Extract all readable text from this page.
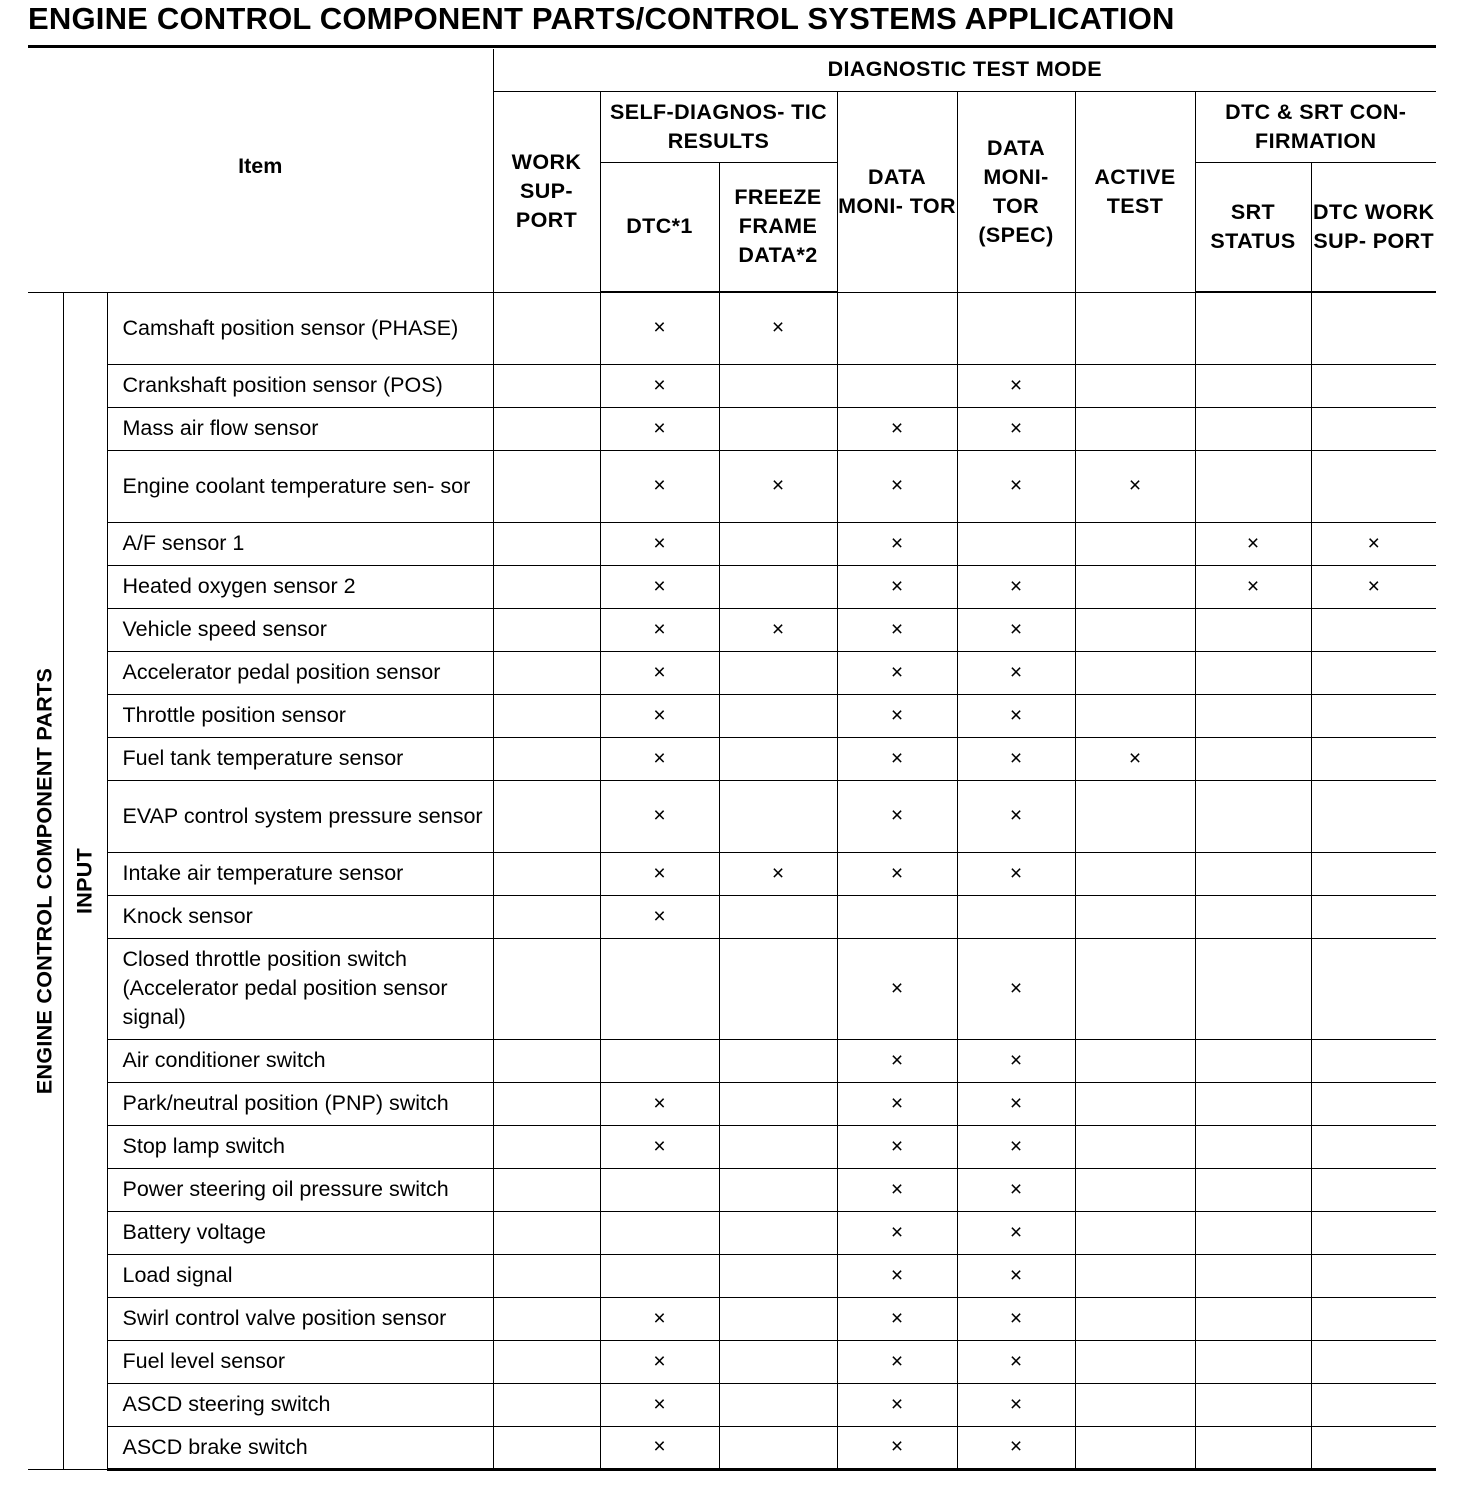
ENGINE CONTROL COMPONENT PARTS/CONTROL SYSTEMS APPLICATION
Item			DIAGNOSTIC TEST MODE							
			WORK SUP- PORT	SELF-DIAGNOS- TIC RESULTS		DATA MONI- TOR	DATA MONI- TOR (SPEC)	ACTIVE TEST	DTC & SRT CON- FIRMATION	
				DTC*1	FREEZE FRAME DATA*2				SRT STATUS	DTC WORK SUP- PORT

ENGINE CONTROL COMPONENT PARTS	INPUT	Camshaft position sensor (PHASE)		×	×					
		Crankshaft position sensor (POS)		×			×			
		Mass air flow sensor		×		×	×			
		Engine coolant temperature sen- sor		×	×	×	×	×		
		A/F sensor 1		×		×			×	×
		Heated oxygen sensor 2		×		×	×		×	×
		Vehicle speed sensor		×	×	×	×			
		Accelerator pedal position sensor		×		×	×			
		Throttle position sensor		×		×	×			
		Fuel tank temperature sensor		×		×	×	×		
		EVAP control system pressure sensor		×		×	×			
		Intake air temperature sensor		×	×	×	×			
		Knock sensor		×						
		Closed throttle position switch (Accelerator pedal position sensor signal)				×	×			
		Air conditioner switch				×	×			
		Park/neutral position (PNP) switch		×		×	×			
		Stop lamp switch		×		×	×			
		Power steering oil pressure switch				×	×			
		Battery voltage				×	×			
		Load signal				×	×			
		Swirl control valve position sensor		×		×	×			
		Fuel level sensor		×		×	×			
		ASCD steering switch		×		×	×			
		ASCD brake switch		×		×	×			
